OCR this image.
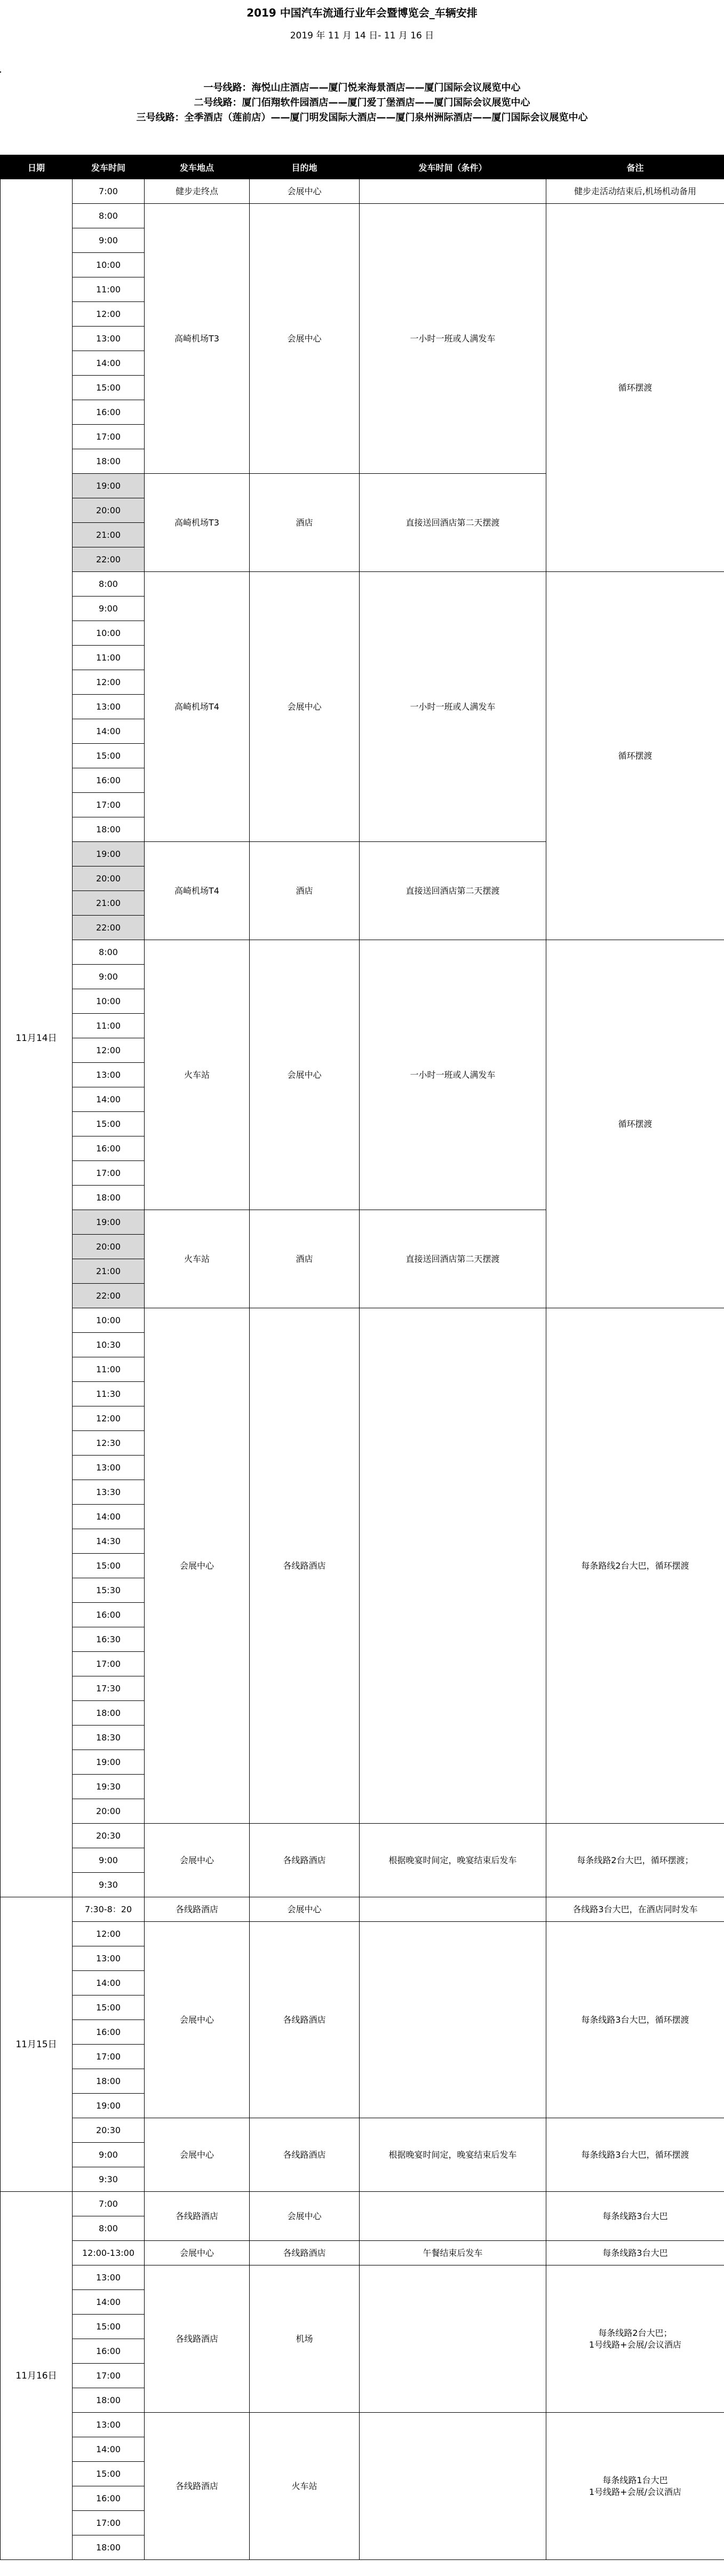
2019 中国汽车流通行业年会暨博览会_车辆安排
2019 年 11 月 14 日- 11 月 16 日
一号线路：海悦山庄酒店——厦门悦来海景酒店——厦门国际会议展览中心
二号线路：厦门佰翔软件园酒店——厦门爱丁堡酒店——厦门国际会议展览中心
三号线路：全季酒店（莲前店）——厦门明发国际大酒店——厦门泉州洲际酒店——厦门国际会议展览中心
日期	发车时间	发车地点	目的地	发车时间（条件）	备注
11月14日	7:00	健步走终点	会展中心		健步走活动结束后,机场机动备用
	8:00	高崎机场T3	会展中心	一小时一班或人满发车	循环摆渡
	9:00				
	10:00				
	11:00				
	12:00				
	13:00				
	14:00				
	15:00				
	16:00				
	17:00				
	18:00				
	19:00	高崎机场T3	酒店	直接送回酒店第二天摆渡	
	20:00				
	21:00				
	22:00				
	8:00	高崎机场T4	会展中心	一小时一班或人满发车	循环摆渡
	9:00				
	10:00				
	11:00				
	12:00				
	13:00				
	14:00				
	15:00				
	16:00				
	17:00				
	18:00				
	19:00	高崎机场T4	酒店	直接送回酒店第二天摆渡	
	20:00				
	21:00				
	22:00				
	8:00	火车站	会展中心	一小时一班或人满发车	循环摆渡
	9:00				
	10:00				
	11:00				
	12:00				
	13:00				
	14:00				
	15:00				
	16:00				
	17:00				
	18:00				
	19:00	火车站	酒店	直接送回酒店第二天摆渡	
	20:00				
	21:00				
	22:00				
	10:00	会展中心	各线路酒店		每条路线2台大巴，循环摆渡
	10:30				
	11:00				
	11:30				
	12:00				
	12:30				
	13:00				
	13:30				
	14:00				
	14:30				
	15:00				
	15:30				
	16:00				
	16:30				
	17:00				
	17:30				
	18:00				
	18:30				
	19:00				
	19:30				
	20:00				
	20:30	会展中心	各线路酒店	根据晚宴时间定，晚宴结束后发车	每条线路2台大巴，循环摆渡；
	9:00				
	9:30				
11月15日	7:30-8：20	各线路酒店	会展中心		各线路3台大巴，在酒店同时发车
	12:00	会展中心	各线路酒店		每条线路3台大巴，循环摆渡
	13:00				
	14:00				
	15:00				
	16:00				
	17:00				
	18:00				
	19:00				
	20:30	会展中心	各线路酒店	根据晚宴时间定，晚宴结束后发车	每条线路3台大巴，循环摆渡
	9:00				
	9:30				
11月16日	7:00	各线路酒店	会展中心		每条线路3台大巴
	8:00				
	12:00-13:00	会展中心	各线路酒店	午餐结束后发车	每条线路3台大巴
	13:00	各线路酒店	机场		每条线路2台大巴；
1号线路+会展/会议酒店
	14:00				
	15:00				
	16:00				
	17:00				
	18:00				
	13:00	各线路酒店	火车站		每条线路1台大巴
1号线路+会展/会议酒店
	14:00				
	15:00				
	16:00				
	17:00				
	18:00				
